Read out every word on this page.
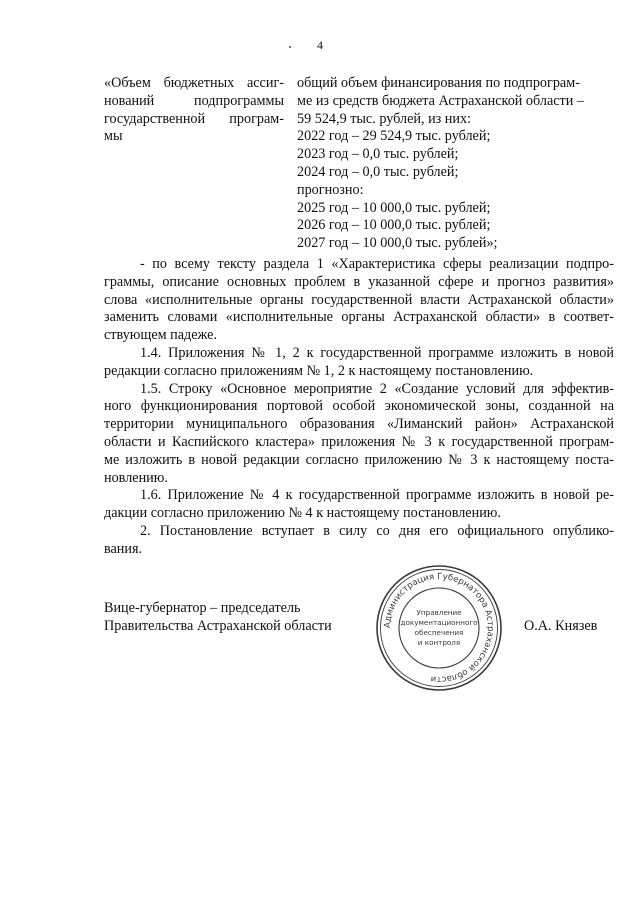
4
«Объем бюджетных ассиг-
нований подпрограммы
государственной програм-
мы
общий объем финансирования по подпрограм-
ме из средств бюджета Астраханской области –
59 524,9 тыс. рублей, из них:
2022 год – 29 524,9 тыс. рублей;
2023 год – 0,0 тыс. рублей;
2024 год – 0,0 тыс. рублей;
прогнозно:
2025 год – 10 000,0 тыс. рублей;
2026 год – 10 000,0 тыс. рублей;
2027 год – 10 000,0 тыс. рублей»;

- по всему тексту раздела 1 «Характеристика сферы реализации подпро-
граммы, описание основных проблем в указанной сфере и прогноз развития»
слова «исполнительные органы государственной власти Астраханской области»
заменить словами «исполнительные органы Астраханской области» в соответ-
ствующем падеже.

1.4. Приложения № 1, 2 к государственной программе изложить в новой
редакции согласно приложениям № 1, 2 к настоящему постановлению.

1.5. Строку «Основное мероприятие 2 «Создание условий для эффектив-
ного функционирования портовой особой экономической зоны, созданной на
территории муниципального образования «Лиманский район» Астраханской
области и Каспийского кластера» приложения № 3 к государственной програм-
ме изложить в новой редакции согласно приложению № 3 к настоящему поста-
новлению.

1.6. Приложение № 4 к государственной программе изложить в новой ре-
дакции согласно приложению № 4 к настоящему постановлению.

2. Постановление вступает в силу со дня его официального опублико-
вания.

Вице-губернатор – председатель
Правительства Астраханской области	О.А. Князев
Администрация Губернатора Астраханской области
Управление
документационного
обеспечения
и контроля
